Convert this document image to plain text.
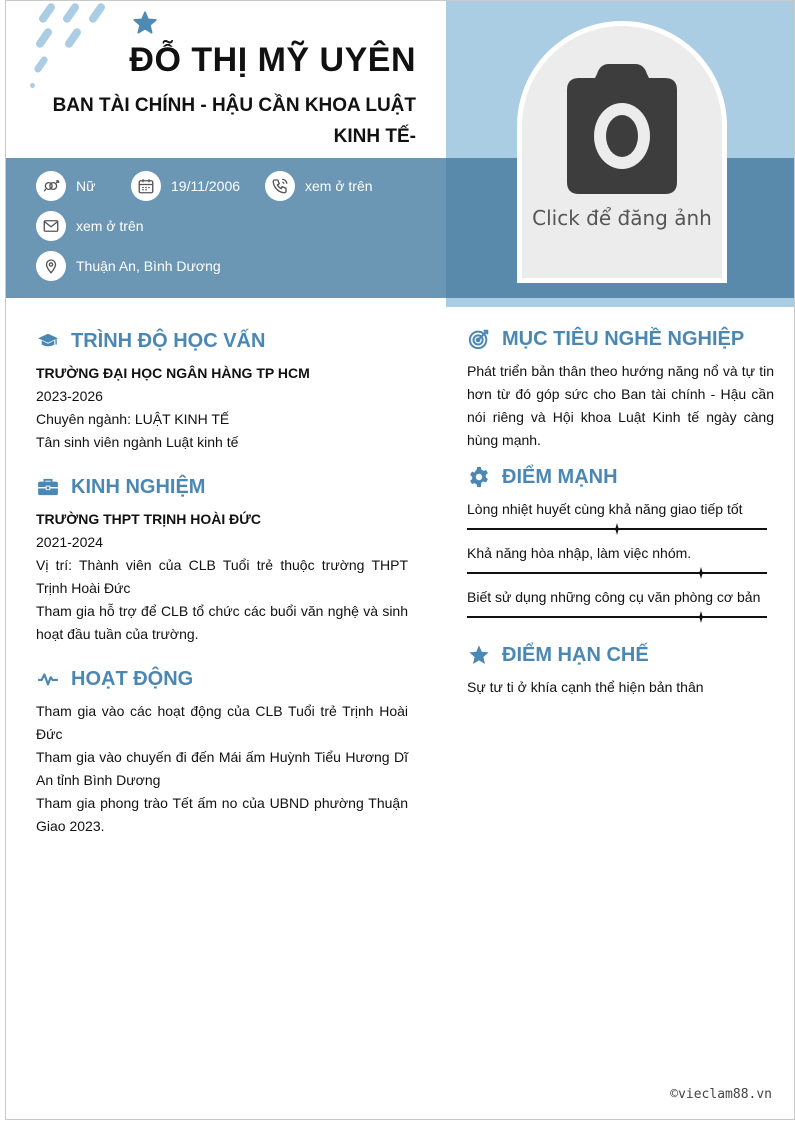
ĐỖ THỊ MỸ UYÊN
BAN TÀI CHÍNH - HẬU CẦN KHOA LUẬT
KINH TẾ-
Nữ	19/11/2006	xem ở trên
xem ở trên
Thuận An, Bình Dương
Click để đăng ảnh
TRÌNH ĐỘ HỌC VẤN
TRƯỜNG ĐẠI HỌC NGÂN HÀNG TP HCM
2023-2026
Chuyên ngành: LUẬT KINH TẾ
Tân sinh viên ngành Luật kinh tế
KINH NGHIỆM
TRƯỜNG THPT TRỊNH HOÀI ĐỨC
2021-2024
Vị trí: Thành viên của CLB Tuổi trẻ thuộc trường THPT Trịnh Hoài Đức
Tham gia hỗ trợ để CLB tổ chức các buổi văn nghệ và sinh hoạt đầu tuần của trường.
HOẠT ĐỘNG
Tham gia vào các hoạt động của CLB Tuổi trẻ Trịnh Hoài Đức
Tham gia vào chuyến đi đến Mái ấm Huỳnh Tiểu Hương Dĩ An tỉnh Bình Dương
Tham gia phong trào Tết ấm no của UBND phường Thuận Giao 2023.
MỤC TIÊU NGHỀ NGHIỆP
Phát triển bản thân theo hướng năng nổ và tự tin hơn từ đó góp sức cho Ban tài chính - Hậu cần nói riêng và Hội khoa Luật Kinh tế ngày càng hùng mạnh.
ĐIỂM MẠNH
ĐIỂM HẠN CHẾ
Sự tư ti ở khía cạnh thể hiện bản thân
©vieclam88.vn
Lòng nhiệt huyết cùng khả năng giao tiếp tốt
Khả năng hòa nhập, làm việc nhóm.
Biết sử dụng những công cụ văn phòng cơ bản
